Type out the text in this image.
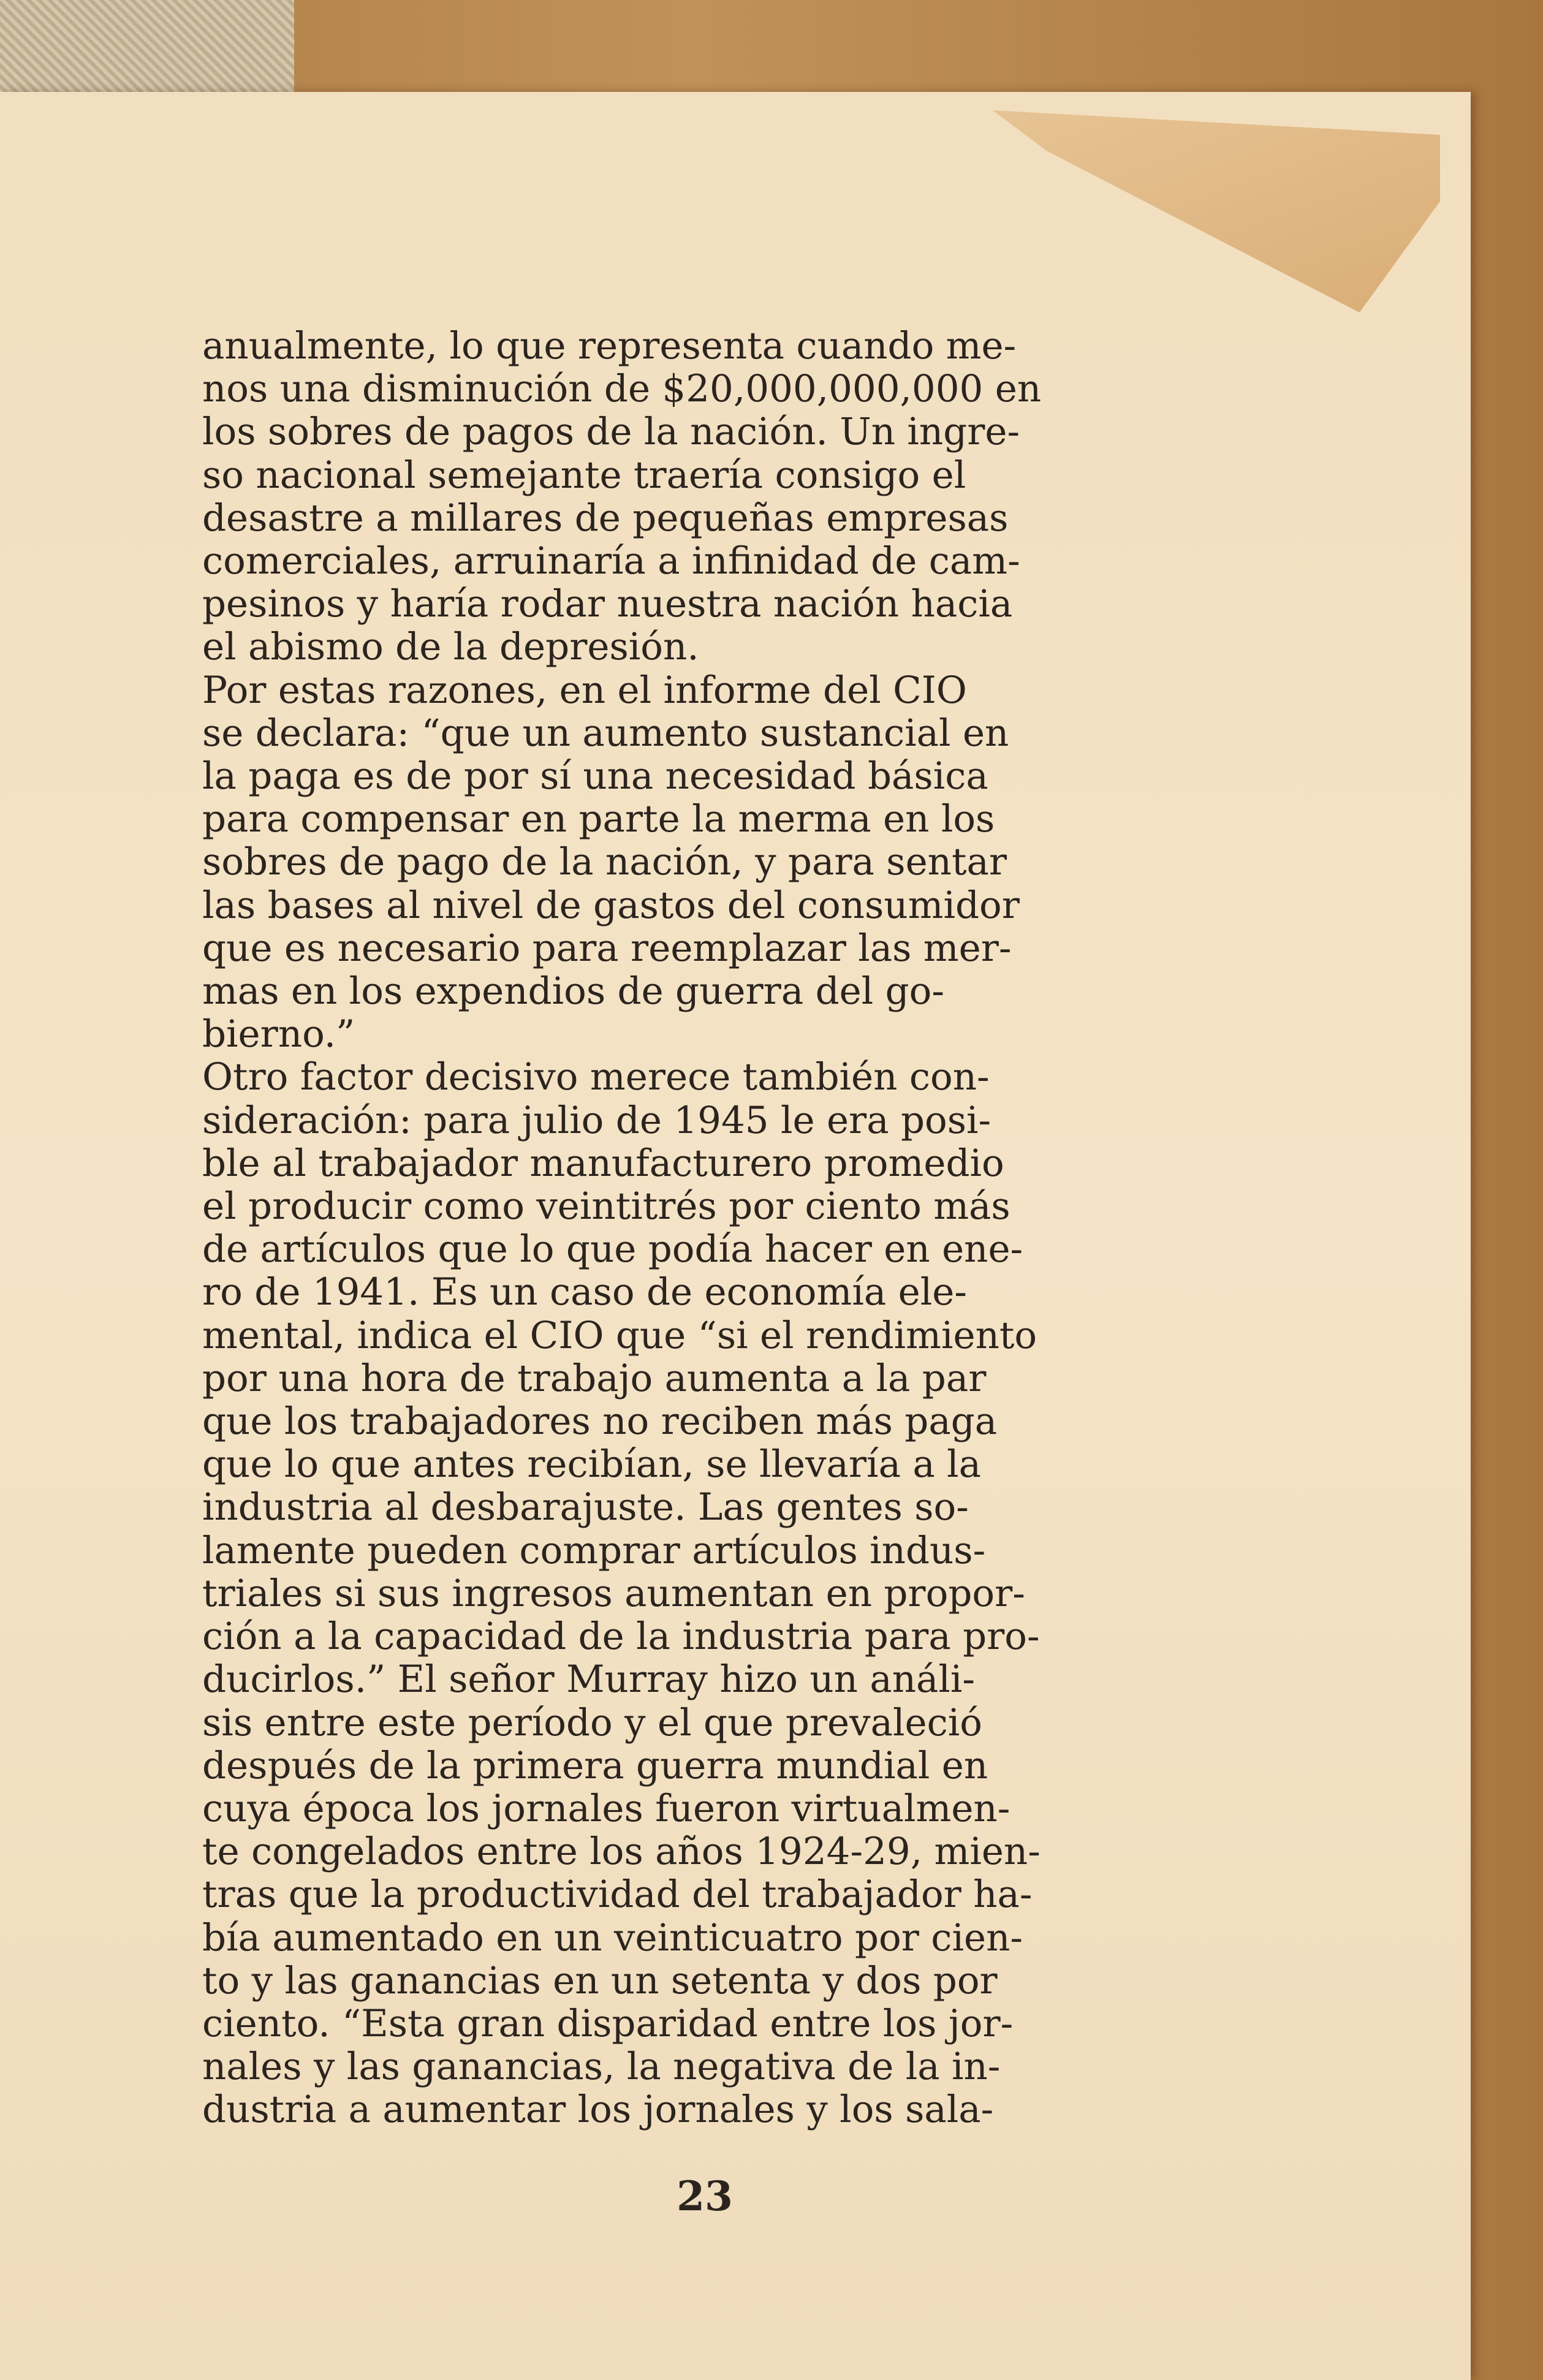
anualmente, lo que representa cuando me-
nos una disminución de $20,000,000,000 en
los sobres de pagos de la nación. Un ingre-
so nacional semejante traería consigo el
desastre a millares de pequeñas empresas
comerciales, arruinaría a infinidad de cam-
pesinos y haría rodar nuestra nación hacia
el abismo de la depresión.

Por estas razones, en el informe del CIO
se declara: “que un aumento sustancial en
la paga es de por sí una necesidad básica
para compensar en parte la merma en los
sobres de pago de la nación, y para sentar
las bases al nivel de gastos del consumidor
que es necesario para reemplazar las mer-
mas en los expendios de guerra del go-
bierno.”

Otro factor decisivo merece también con-
sideración: para julio de 1945 le era posi-
ble al trabajador manufacturero promedio
el producir como veintitrés por ciento más
de artículos que lo que podía hacer en ene-
ro de 1941. Es un caso de economía ele-
mental, indica el CIO que “si el rendimiento
por una hora de trabajo aumenta a la par
que los trabajadores no reciben más paga
que lo que antes recibían, se llevaría a la
industria al desbarajuste. Las gentes so-
lamente pueden comprar artículos indus-
triales si sus ingresos aumentan en propor-
ción a la capacidad de la industria para pro-
ducirlos.” El señor Murray hizo un análi-
sis entre este período y el que prevaleció
después de la primera guerra mundial en
cuya época los jornales fueron virtualmen-
te congelados entre los años 1924-29, mien-
tras que la productividad del trabajador ha-
bía aumentado en un veinticuatro por cien-
to y las ganancias en un setenta y dos por
ciento. “Esta gran disparidad entre los jor-
nales y las ganancias, la negativa de la in-
dustria a aumentar los jornales y los sala-

23
